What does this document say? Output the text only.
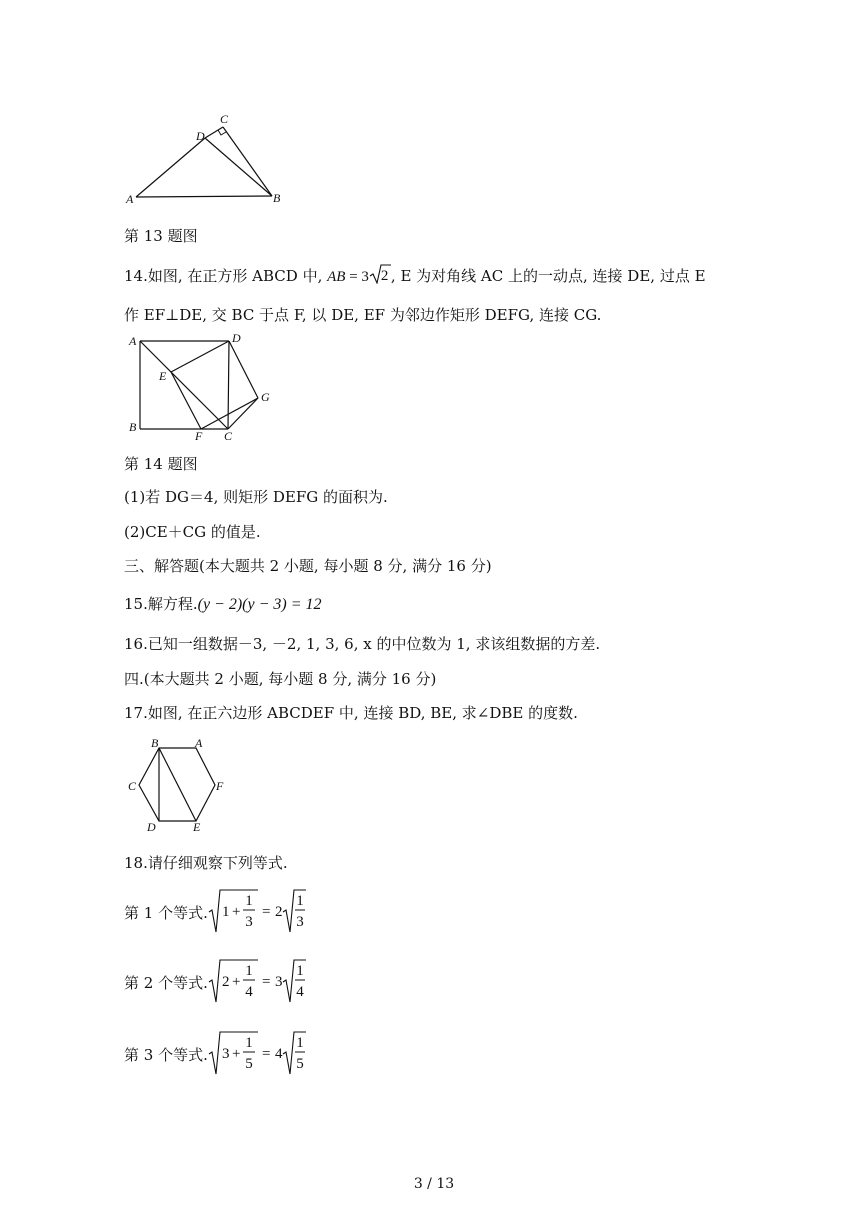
A	B
C
D
第 13 题图
14.如图, 在正方形 ABCD 中, AB = 3 2 , E 为对角线 AC 上的一动点, 连接 DE, 过点 E
作 EF⊥DE, 交 BC 于点 F, 以 DE, EF 为邻边作矩形 DEFG, 连接 CG.
A
B
C
D
E
F
G
第 14 题图
(1)若 DG＝4, 则矩形 DEFG 的面积为.
(2)CE＋CG 的值是.
三、解答题(本大题共 2 小题, 每小题 8 分, 满分 16 分)
15.解方程.(y − 2)(y − 3) = 12
16.已知一组数据－3, －2, 1, 3, 6, x 的中位数为 1, 求该组数据的方差.
四.(本大题共 2 小题, 每小题 8 分, 满分 16 分)
17.如图, 在正六边形 ABCDEF 中, 连接 BD, BE, 求∠DBE 的度数.
B	A
C	F
D	E
18.请仔细观察下列等式.
第 1 个等式. 1 +
1
3
= 2
1
3
第 2 个等式. 2 +
1
4
= 3
1
4
第 3 个等式. 3 +
1
5
= 4
1
5
3 / 13
